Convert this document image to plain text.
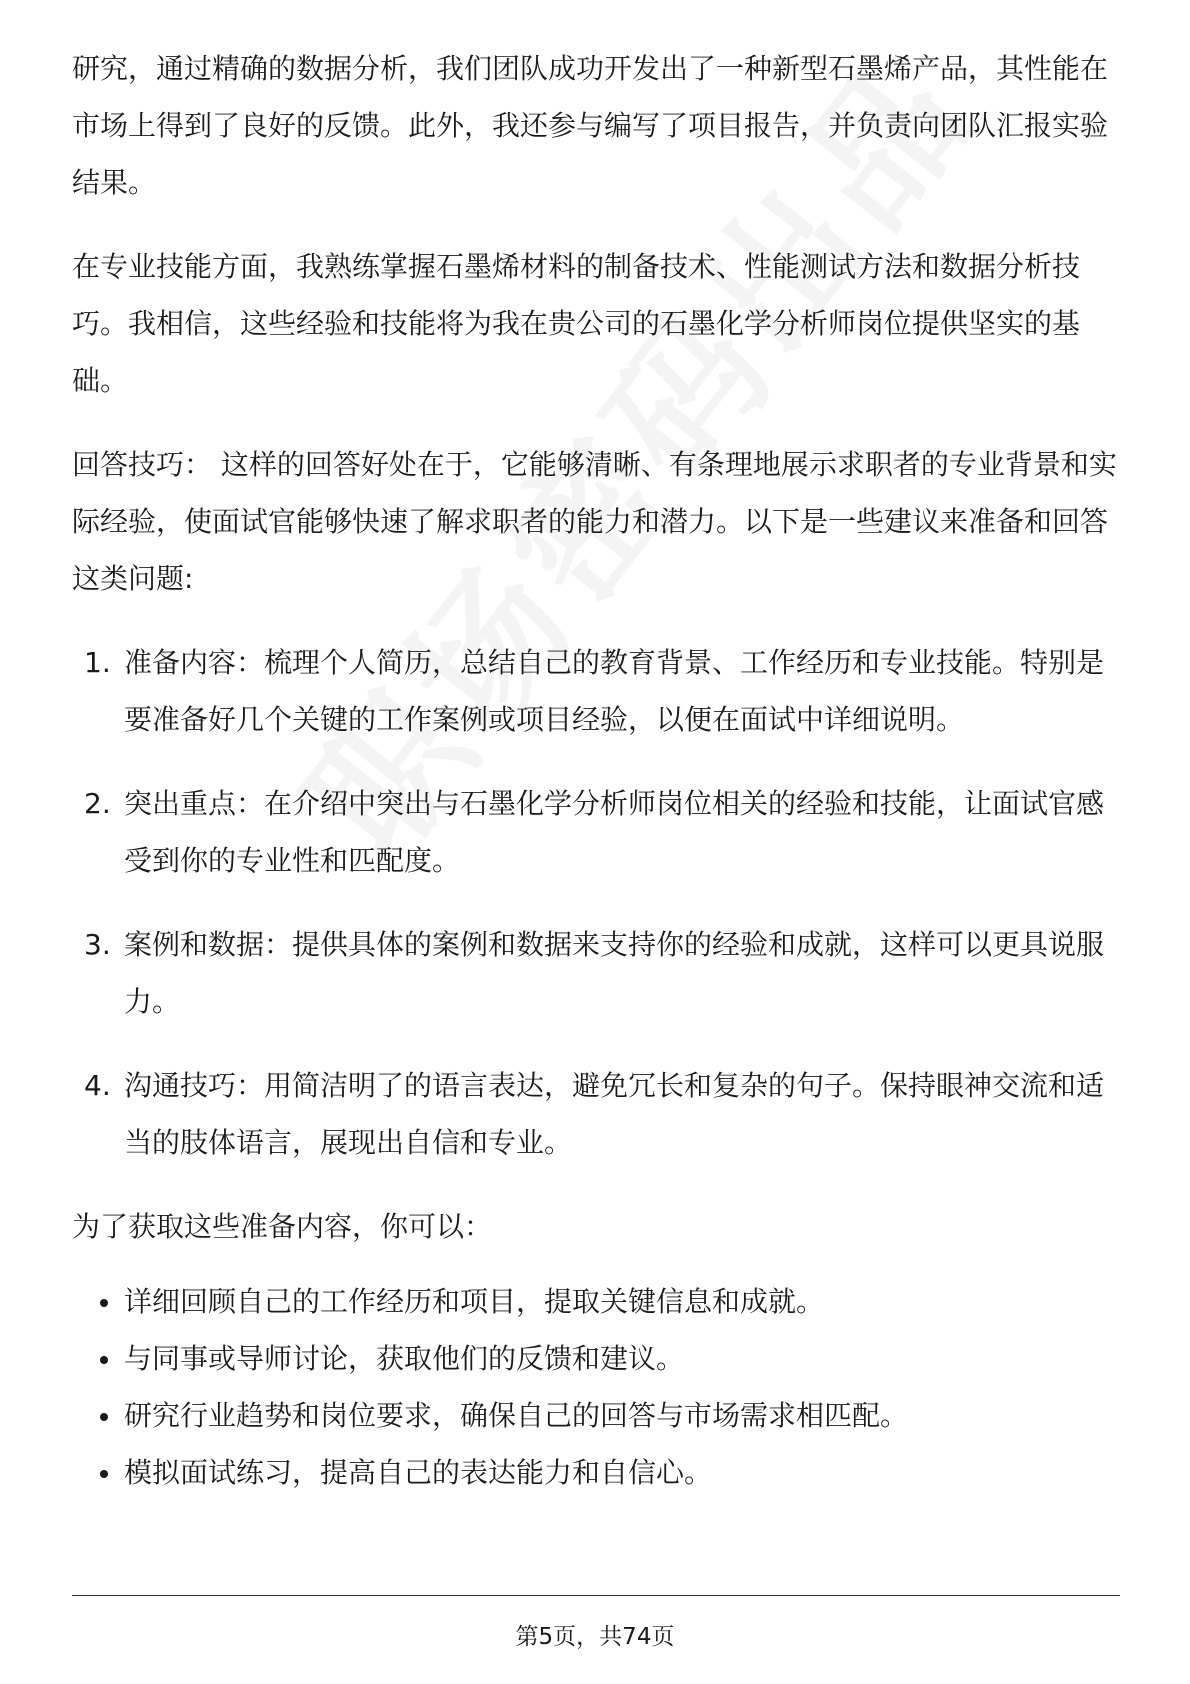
研究，通过精确的数据分析，我们团队成功开发出了一种新型石墨烯产品，其性能在市场上得到了良好的反馈。此外，我还参与编写了项目报告，并负责向团队汇报实验结果。

在专业技能方面，我熟练掌握石墨烯材料的制备技术、性能测试方法和数据分析技巧。我相信，这些经验和技能将为我在贵公司的石墨化学分析师岗位提供坚实的基础。

回答技巧： 这样的回答好处在于，它能够清晰、有条理地展示求职者的专业背景和实际经验，使面试官能够快速了解求职者的能力和潜力。以下是一些建议来准备和回答这类问题:

1. 准备内容：梳理个人简历，总结自己的教育背景、工作经历和专业技能。特别是要准备好几个关键的工作案例或项目经验，以便在面试中详细说明。
2. 突出重点：在介绍中突出与石墨化学分析师岗位相关的经验和技能，让面试官感受到你的专业性和匹配度。
3. 案例和数据：提供具体的案例和数据来支持你的经验和成就，这样可以更具说服力。
4. 沟通技巧：用简洁明了的语言表达，避免冗长和复杂的句子。保持眼神交流和适当的肢体语言，展现出自信和专业。

为了获取这些准备内容，你可以：

详细回顾自己的工作经历和项目，提取关键信息和成就。
与同事或导师讨论，获取他们的反馈和建议。
研究行业趋势和岗位要求，确保自己的回答与市场需求相匹配。
模拟面试练习，提高自己的表达能力和自信心。
第5页，共74页
